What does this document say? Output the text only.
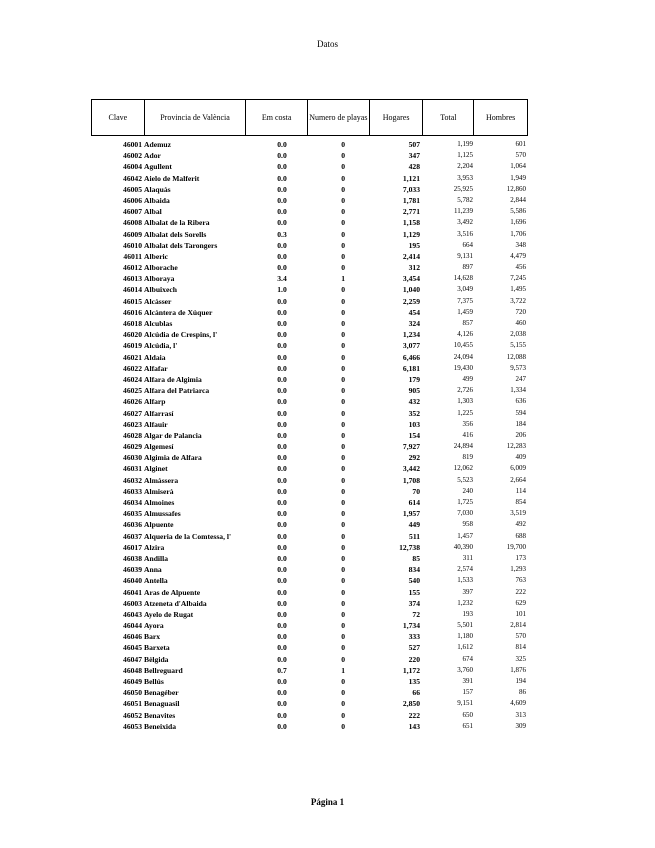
Datos
Clave	Provincia de València	Em costa	Numero de playas	Hogares	Total	Hombres
46001 Ademuz	0.0	0	507	1,199	601
46002 Ador	0.0	0	347	1,125	570
46004 Agullent	0.0	0	428	2,204	1,064
46042 Aielo de Malferit	0.0	0	1,121	3,953	1,949
46005 Alaquàs	0.0	0	7,033	25,925	12,860
46006 Albaida	0.0	0	1,781	5,782	2,844
46007 Albal	0.0	0	2,771	11,239	5,586
46008 Albalat de la Ribera	0.0	0	1,158	3,492	1,696
46009 Albalat dels Sorells	0.3	0	1,129	3,516	1,706
46010 Albalat dels Tarongers	0.0	0	195	664	348
46011 Alberic	0.0	0	2,414	9,131	4,479
46012 Alborache	0.0	0	312	897	456
46013 Alboraya	3.4	1	3,454	14,628	7,245
46014 Albuixech	1.0	0	1,040	3,049	1,495
46015 Alcàsser	0.0	0	2,259	7,375	3,722
46016 Alcàntera de Xúquer	0.0	0	454	1,459	720
46018 Alcublas	0.0	0	324	857	460
46020 Alcúdia de Crespins, l'	0.0	0	1,234	4,126	2,038
46019 Alcúdia, l'	0.0	0	3,077	10,455	5,155
46021 Aldaia	0.0	0	6,466	24,094	12,088
46022 Alfafar	0.0	0	6,181	19,430	9,573
46024 Alfara de Algimia	0.0	0	179	499	247
46025 Alfara del Patriarca	0.0	0	905	2,726	1,334
46026 Alfarp	0.0	0	432	1,303	636
46027 Alfarrasí	0.0	0	352	1,225	594
46023 Alfauir	0.0	0	103	356	184
46028 Algar de Palancia	0.0	0	154	416	206
46029 Algemesí	0.0	0	7,927	24,894	12,283
46030 Algimia de Alfara	0.0	0	292	819	409
46031 Alginet	0.0	0	3,442	12,062	6,009
46032 Almàssera	0.0	0	1,708	5,523	2,664
46033 Almiserà	0.0	0	70	240	114
46034 Almoines	0.0	0	614	1,725	854
46035 Almussafes	0.0	0	1,957	7,030	3,519
46036 Alpuente	0.0	0	449	958	492
46037 Alqueria de la Comtessa, l'	0.0	0	511	1,457	688
46017 Alzira	0.0	0	12,738	40,390	19,700
46038 Andilla	0.0	0	85	311	173
46039 Anna	0.0	0	834	2,574	1,293
46040 Antella	0.0	0	540	1,533	763
46041 Aras de Alpuente	0.0	0	155	397	222
46003 Atzeneta d'Albaida	0.0	0	374	1,232	629
46043 Ayelo de Rugat	0.0	0	72	193	101
46044 Ayora	0.0	0	1,734	5,501	2,814
46046 Barx	0.0	0	333	1,180	570
46045 Barxeta	0.0	0	527	1,612	814
46047 Bèlgida	0.0	0	220	674	325
46048 Bellreguard	0.7	1	1,172	3,760	1,876
46049 Bellús	0.0	0	135	391	194
46050 Benagéber	0.0	0	66	157	86
46051 Benaguasil	0.0	0	2,850	9,151	4,609
46052 Benavites	0.0	0	222	650	313
46053 Beneixida	0.0	0	143	651	309
Página 1
